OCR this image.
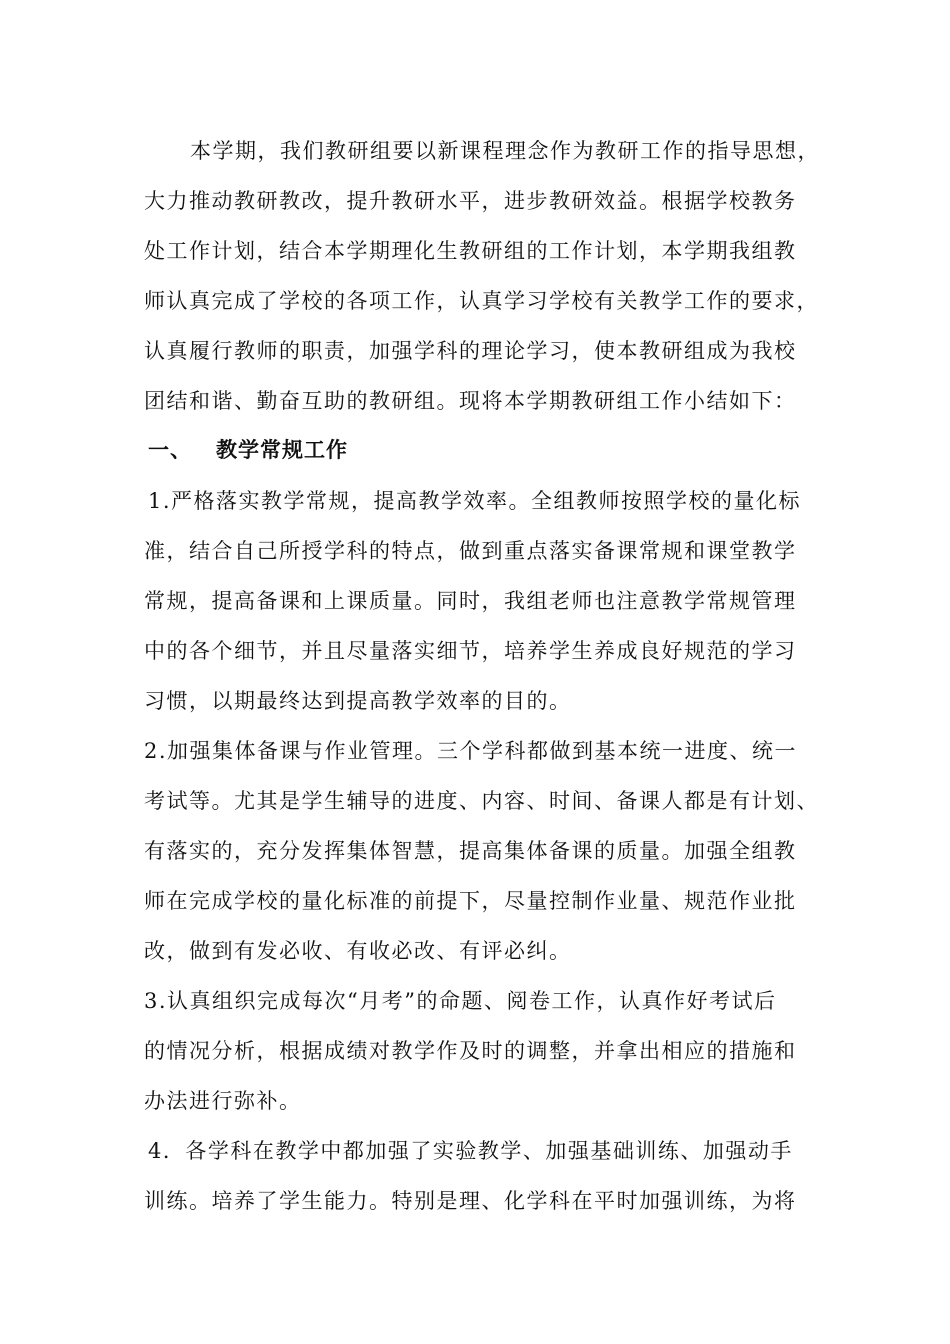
本学期，我们教研组要以新课程理念作为教研工作的指导思想，
大力推动教研教改，提升教研水平，进步教研效益。根据学校教务
处工作计划，结合本学期理化生教研组的工作计划，本学期我组教
师认真完成了学校的各项工作，认真学习学校有关教学工作的要求，
认真履行教师的职责，加强学科的理论学习，使本教研组成为我校
团结和谐、勤奋互助的教研组。现将本学期教研组工作小结如下：
一、 教学常规工作
1.严格落实教学常规，提高教学效率。全组教师按照学校的量化标
准，结合自己所授学科的特点，做到重点落实备课常规和课堂教学
常规，提高备课和上课质量。同时，我组老师也注意教学常规管理
中的各个细节，并且尽量落实细节，培养学生养成良好规范的学习
习惯，以期最终达到提高教学效率的目的。
2.加强集体备课与作业管理。三个学科都做到基本统一进度、统一
考试等。尤其是学生辅导的进度、内容、时间、备课人都是有计划、
有落实的，充分发挥集体智慧，提高集体备课的质量。加强全组教
师在完成学校的量化标准的前提下，尽量控制作业量、规范作业批
改，做到有发必收、有收必改、有评必纠。
3.认真组织完成每次“月考”的命题、阅卷工作，认真作好考试后
的情况分析，根据成绩对教学作及时的调整，并拿出相应的措施和
办法进行弥补。
4．各学科在教学中都加强了实验教学、加强基础训练、加强动手
训练。培养了学生能力。特别是理、化学科在平时加强训练，为将
